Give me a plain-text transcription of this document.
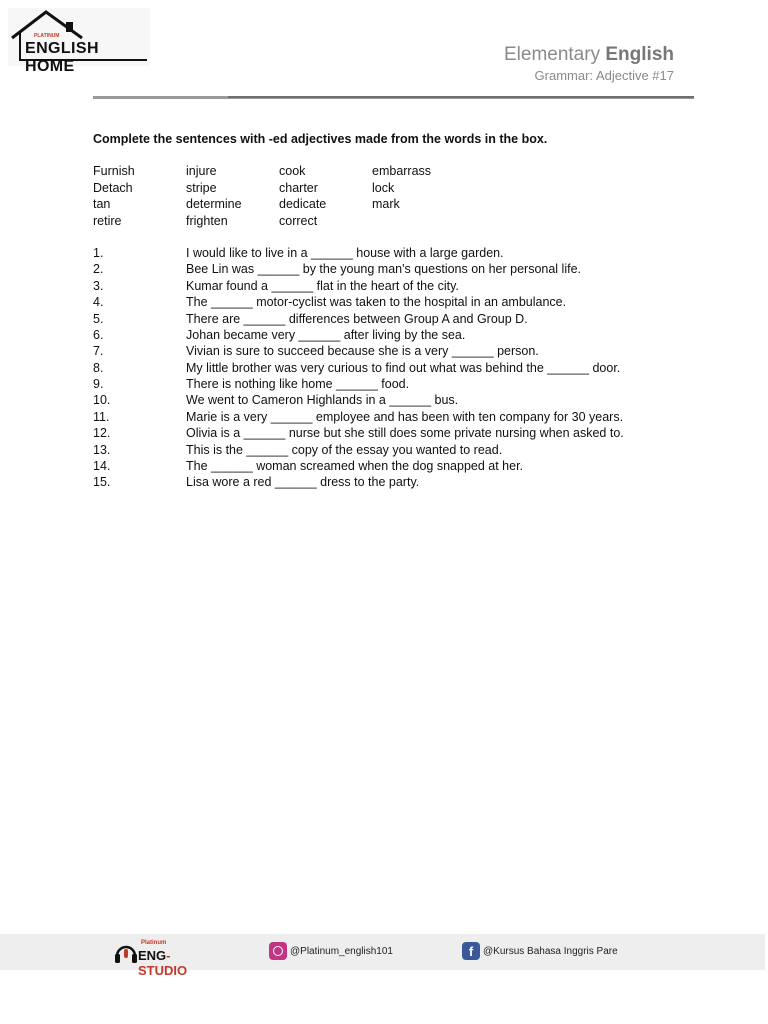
PLATINUM
ENGLISH HOME
Elementary English
Grammar: Adjective #17
Complete the sentences with -ed adjectives made from the words in the box.
Furnish	injure	cook	embarrass
Detach	stripe	charter	lock
tan	determine	dedicate	mark
retire	frighten	correct
1.	I would like to live in a ______ house with a large garden.
2.	Bee Lin was ______ by the young man's questions on her personal life.
3.	Kumar found a ______ flat in the heart of the city.
4.	The ______ motor-cyclist was taken to the hospital in an ambulance.
5.	There are ______ differences between Group A and Group D.
6.	Johan became very ______ after living by the sea.
7.	Vivian is sure to succeed because she is a very ______ person.
8.	My little brother was very curious to find out what was behind the ______ door.
9.	There is nothing like home ______ food.
10.	We went to Cameron Highlands in a ______ bus.
11.	Marie is a very ______ employee and has been with ten company for 30 years.
12.	Olivia is a ______ nurse but she still does some private nursing when asked to.
13.	This is the ______ copy of the essay you wanted to read.
14.	The ______ woman screamed when the dog snapped at her.
15.	Lisa wore a red ______ dress to the party.
Platinum
ENG-STUDIO
@Platinum_english101	f @Kursus Bahasa Inggris Pare
